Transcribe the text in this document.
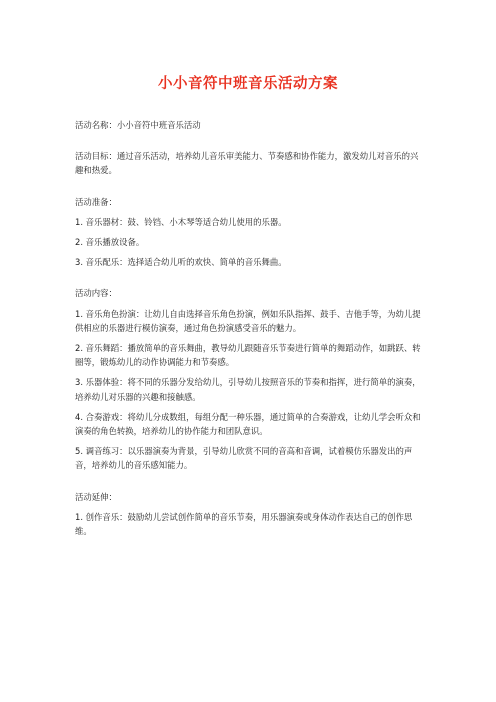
小小音符中班音乐活动方案

活动名称：小小音符中班音乐活动

活动目标：通过音乐活动，培养幼儿音乐审美能力、节奏感和协作能力，激发幼儿对音乐的兴趣和热爱。

活动准备：

1. 音乐器材：鼓、铃铛、小木琴等适合幼儿使用的乐器。

2. 音乐播放设备。

3. 音乐配乐：选择适合幼儿听的欢快、简单的音乐舞曲。

活动内容：

1. 音乐角色扮演：让幼儿自由选择音乐角色扮演，例如乐队指挥、鼓手、吉他手等，为幼儿提供相应的乐器进行模仿演奏，通过角色扮演感受音乐的魅力。

2. 音乐舞蹈：播放简单的音乐舞曲，教导幼儿跟随音乐节奏进行简单的舞蹈动作，如跳跃、转圈等，锻炼幼儿的动作协调能力和节奏感。

3. 乐器体验：将不同的乐器分发给幼儿，引导幼儿按照音乐的节奏和指挥，进行简单的演奏，培养幼儿对乐器的兴趣和接触感。

4. 合奏游戏：将幼儿分成数组，每组分配一种乐器，通过简单的合奏游戏，让幼儿学会听众和演奏的角色转换，培养幼儿的协作能力和团队意识。

5. 调音练习：以乐器演奏为背景，引导幼儿欣赏不同的音高和音调，试着模仿乐器发出的声音，培养幼儿的音乐感知能力。

活动延伸：

1. 创作音乐：鼓励幼儿尝试创作简单的音乐节奏，用乐器演奏或身体动作表达自己的创作思维。
